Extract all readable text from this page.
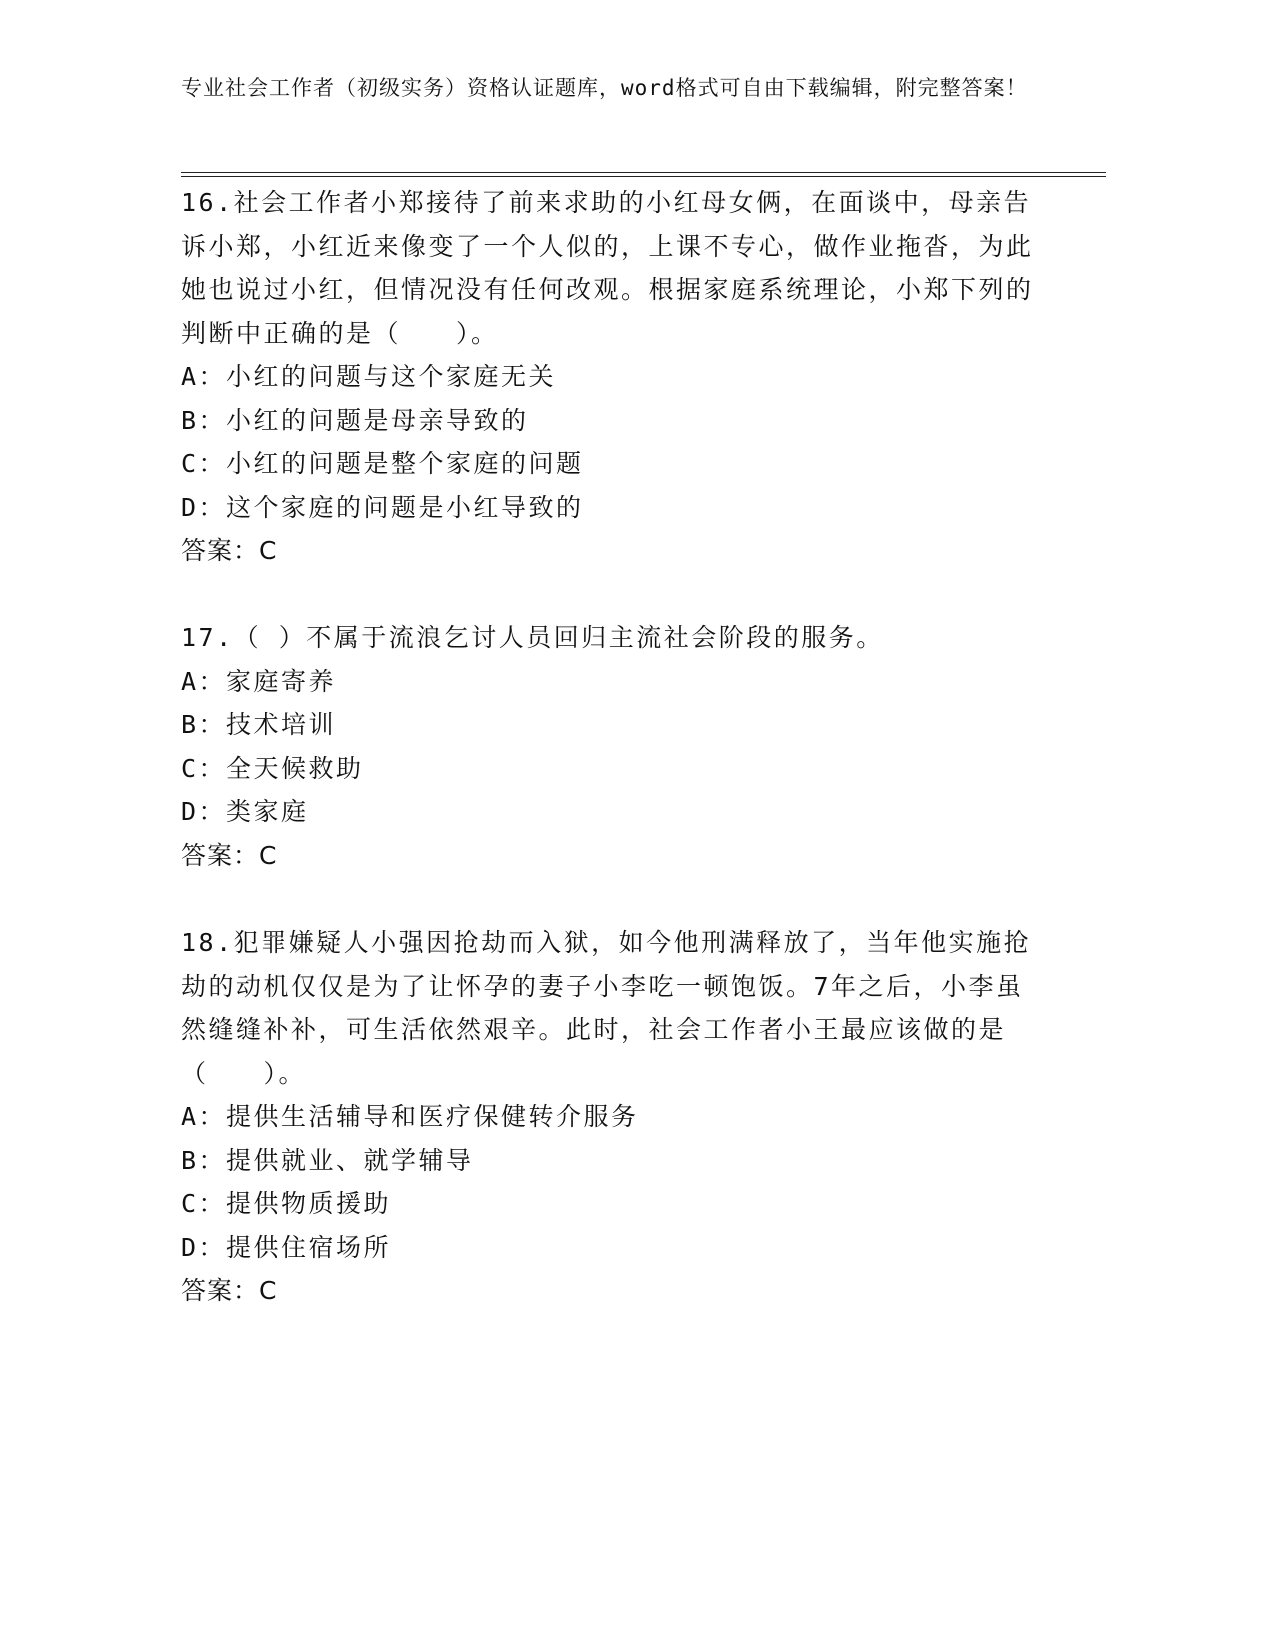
专业社会工作者（初级实务）资格认证题库，word格式可自由下载编辑，附完整答案！

16.社会工作者小郑接待了前来求助的小红母女俩，在面谈中，母亲告诉小郑，小红近来像变了一个人似的，上课不专心，做作业拖沓，为此她也说过小红，但情况没有任何改观。根据家庭系统理论，小郑下列的判断中正确的是（　　）。

A：小红的问题与这个家庭无关

B：小红的问题是母亲导致的

C：小红的问题是整个家庭的问题

D：这个家庭的问题是小红导致的

答案：C

17.（ ）不属于流浪乞讨人员回归主流社会阶段的服务。

A：家庭寄养

B：技术培训

C：全天候救助

D：类家庭

答案：C

18.犯罪嫌疑人小强因抢劫而入狱，如今他刑满释放了，当年他实施抢劫的动机仅仅是为了让怀孕的妻子小李吃一顿饱饭。7年之后，小李虽然缝缝补补，可生活依然艰辛。此时，社会工作者小王最应该做的是（　　）。

A：提供生活辅导和医疗保健转介服务

B：提供就业、就学辅导

C：提供物质援助

D：提供住宿场所

答案：C
